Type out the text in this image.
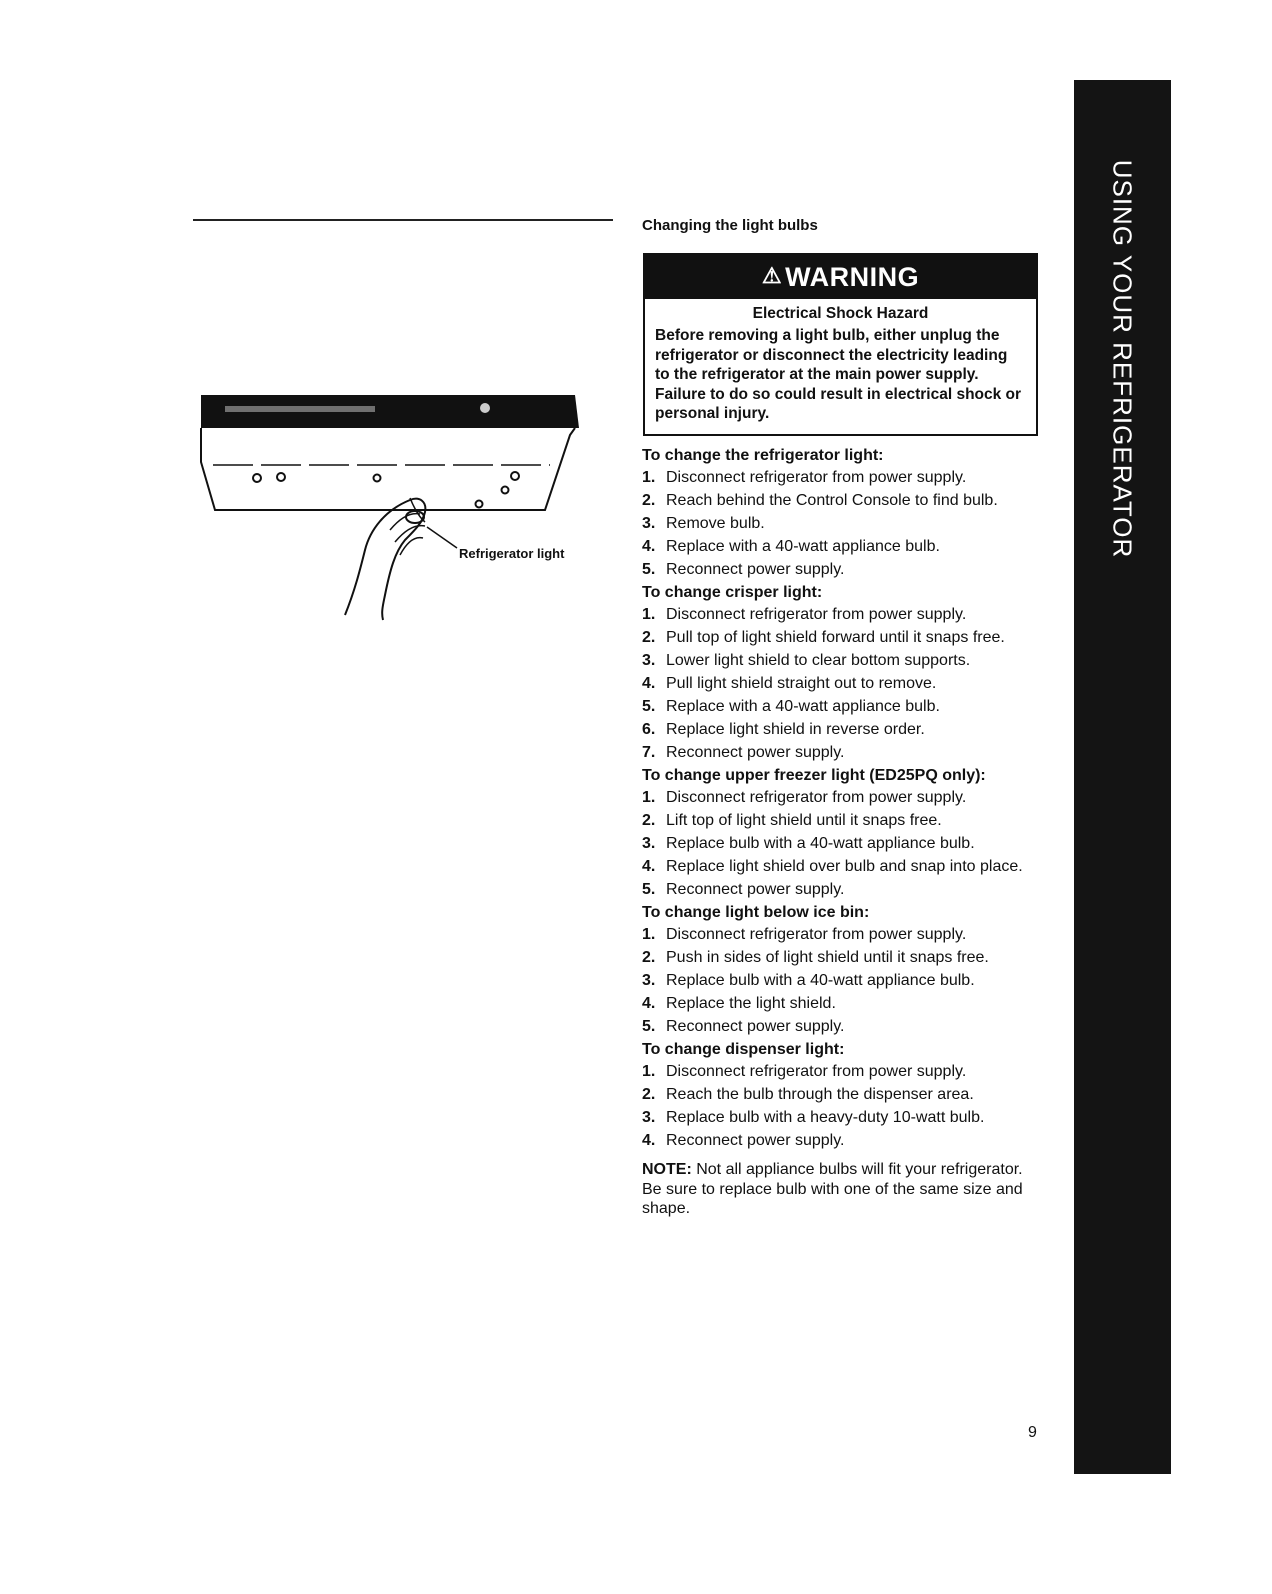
Refrigerator light
Changing the light bulbs
⚠ WARNING
Electrical Shock Hazard
Before removing a light bulb, either unplug the refrigerator or disconnect the electricity leading to the refrigerator at the main power supply. Failure to do so could result in electrical shock or personal injury.
To change the refrigerator light:
1. Disconnect refrigerator from power supply.
2. Reach behind the Control Console to find bulb.
3. Remove bulb.
4. Replace with a 40-watt appliance bulb.
5. Reconnect power supply.
To change crisper light:
1. Disconnect refrigerator from power supply.
2. Pull top of light shield forward until it snaps free.
3. Lower light shield to clear bottom supports.
4. Pull light shield straight out to remove.
5. Replace with a 40-watt appliance bulb.
6. Replace light shield in reverse order.
7. Reconnect power supply.
To change upper freezer light (ED25PQ only):
1. Disconnect refrigerator from power supply.
2. Lift top of light shield until it snaps free.
3. Replace bulb with a 40-watt appliance bulb.
4. Replace light shield over bulb and snap into place.
5. Reconnect power supply.
To change light below ice bin:
1. Disconnect refrigerator from power supply.
2. Push in sides of light shield until it snaps free.
3. Replace bulb with a 40-watt appliance bulb.
4. Replace the light shield.
5. Reconnect power supply.
To change dispenser light:
1. Disconnect refrigerator from power supply.
2. Reach the bulb through the dispenser area.
3. Replace bulb with a heavy-duty 10-watt bulb.
4. Reconnect power supply.

NOTE: Not all appliance bulbs will fit your refrigerator. Be sure to replace bulb with one of the same size and shape.

9
USING YOUR REFRIGERATOR
